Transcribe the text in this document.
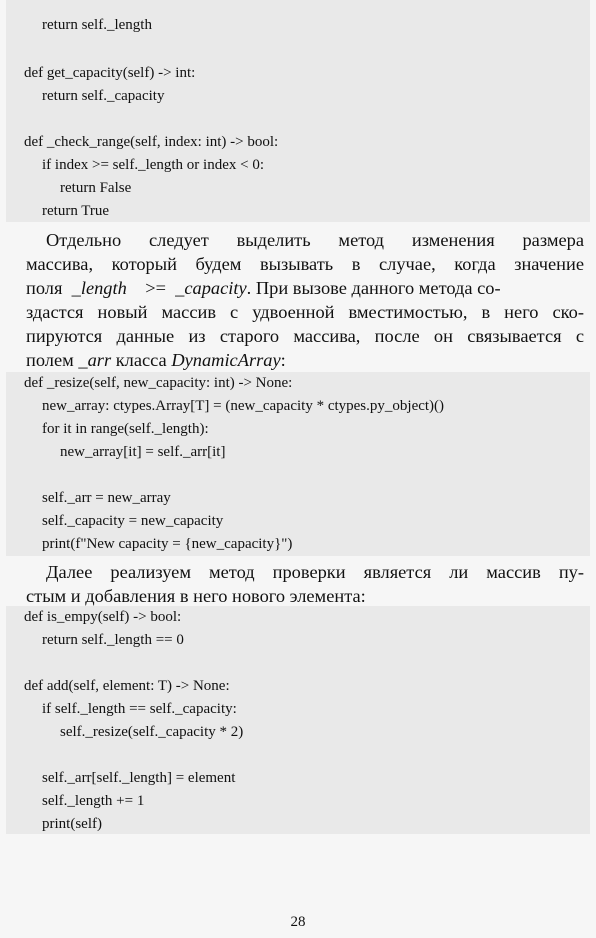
return self._length
def get_capacity(self) -> int:
return self._capacity
def _check_range(self, index: int) -> bool:
if index >= self._length or index < 0:
return False
return True
Отдельно следует выделить метод изменения размера
массива, который будем вызывать в случае, когда значение
поля _length >= _capacity. При вызове данного метода со-
здастся новый массив с удвоенной вместимостью, в него ско-
пируются данные из старого массива, после он связывается с
полем _arr класса DynamicArray:
def _resize(self, new_capacity: int) -> None:
new_array: ctypes.Array[T] = (new_capacity * ctypes.py_object)()
for it in range(self._length):
new_array[it] = self._arr[it]
self._arr = new_array
self._capacity = new_capacity
print(f"New capacity = {new_capacity}")
Далее реализуем метод проверки является ли массив пу-
стым и добавления в него нового элемента:
def is_empy(self) -> bool:
return self._length == 0
def add(self, element: T) -> None:
if self._length == self._capacity:
self._resize(self._capacity * 2)
self._arr[self._length] = element
self._length += 1
print(self)
28
